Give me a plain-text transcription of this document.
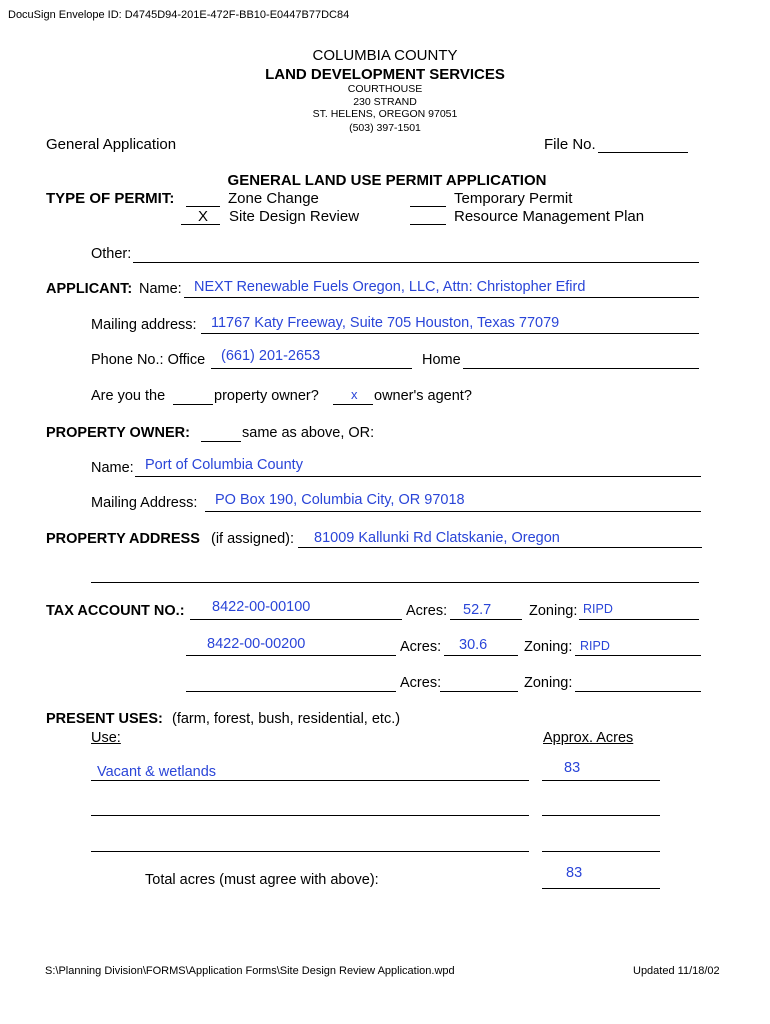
DocuSign Envelope ID: D4745D94-201E-472F-BB10-E0447B77DC84
COLUMBIA COUNTY
LAND DEVELOPMENT SERVICES
COURTHOUSE
230 STRAND
ST. HELENS, OREGON 97051
(503) 397-1501
General Application	File No.
GENERAL LAND USE PERMIT APPLICATION
TYPE OF PERMIT:	Zone Change	Temporary Permit
X Site Design Review	Resource Management Plan
Other:
APPLICANT: Name: NEXT Renewable Fuels Oregon, LLC, Attn: Christopher Efird
Mailing address: 11767 Katy Freeway, Suite 705 Houston, Texas 77079
Phone No.: Office (661) 201-2653	Home
Are you the	property owner? x owner's agent?
PROPERTY OWNER:	same as above, OR:
Name: Port of Columbia County
Mailing Address: PO Box 190, Columbia City, OR 97018
PROPERTY ADDRESS (if assigned): 81009 Kallunki Rd Clatskanie, Oregon
TAX ACCOUNT NO.: 8422-00-00100	Acres: 52.7	Zoning: RIPD
8422-00-00200	Acres: 30.6	Zoning: RIPD
Acres:	Zoning:
PRESENT USES: (farm, forest, bush, residential, etc.)
Use:	Approx. Acres
Vacant & wetlands	83
Total acres (must agree with above):	83
S:\Planning Division\FORMS\Application Forms\Site Design Review Application.wpd	Updated 11/18/02
